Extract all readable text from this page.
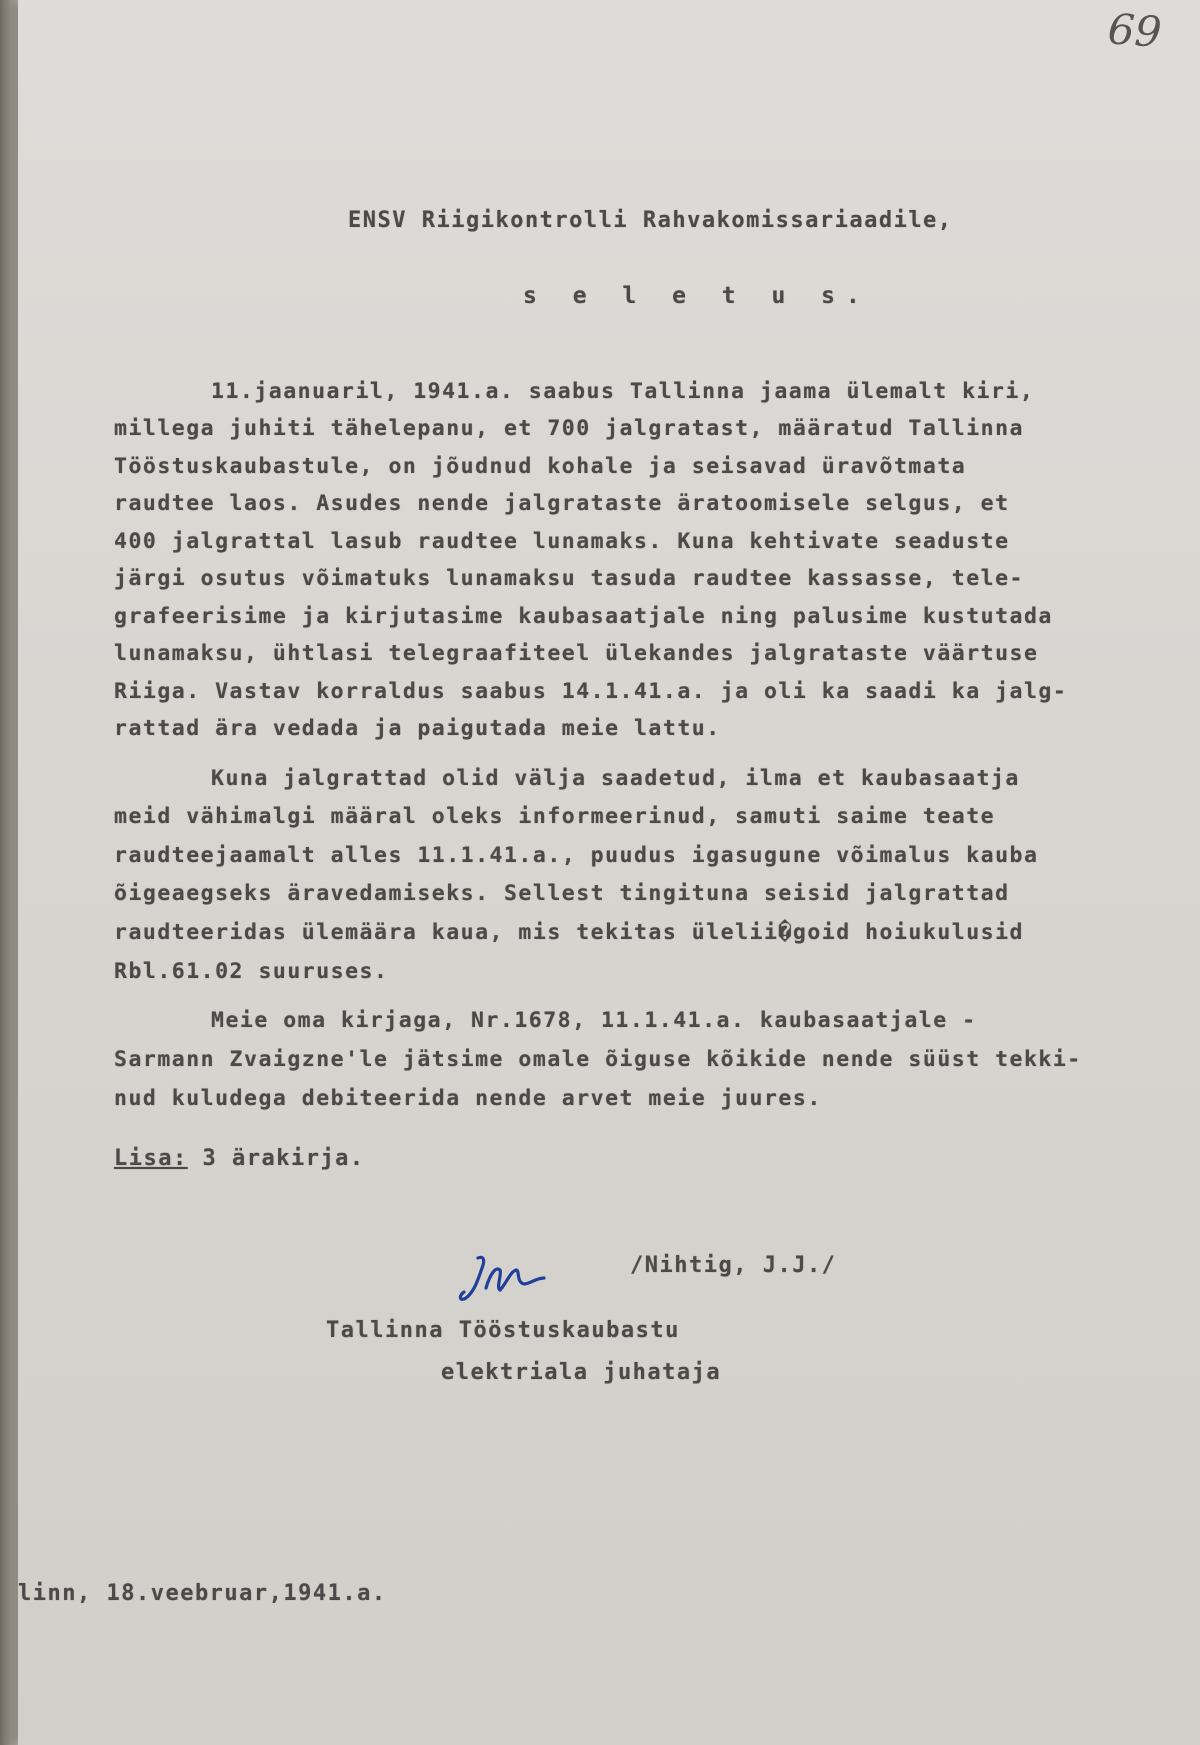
69
ENSV Riigikontrolli Rahvakomissariaadile,
s e l e t u s.
11.jaanuaril, 1941.a. saabus Tallinna jaama ülemalt kiri,
millega juhiti tähelepanu, et 700 jalgratast, määratud Tallinna
Tööstuskaubastule, on jõudnud kohale ja seisavad üravõtmata
raudtee laos. Asudes nende jalgrataste äratoomisele selgus, et
400 jalgrattal lasub raudtee lunamaks. Kuna kehtivate seaduste
järgi osutus võimatuks lunamaksu tasuda raudtee kassasse, tele-
grafeerisime ja kirjutasime kaubasaatjale ning palusime kustutada
lunamaksu, ühtlasi telegraafiteel ülekandes jalgrataste väärtuse
Riiga. Vastav korraldus saabus 14.1.41.a. ja oli ka saadi ka jalg-
rattad ära vedada ja paigutada meie lattu.
Kuna jalgrattad olid välja saadetud, ilma et kaubasaatja
meid vähimalgi määral oleks informeerinud, samuti saime teate
raudteejaamalt alles 11.1.41.a., puudus igasugune võimalus kauba
õigeaegseks äravedamiseks. Sellest tingituna seisid jalgrattad
raudteeridas ülemäära kaua, mis tekitas ülelii�goid hoiukulusid
Rbl.61.02 suuruses.
Meie oma kirjaga, Nr.1678, 11.1.41.a. kaubasaatjale -
Sarmann Zvaigzne'le jätsime omale õiguse kõikide nende süüst tekki-
nud kuludega debiteerida nende arvet meie juures.
Lisa: 3 ärakirja.
/Nihtig, J.J./
Tallinna Tööstuskaubastu
elektriala juhataja
linn, 18.veebruar,1941.a.
